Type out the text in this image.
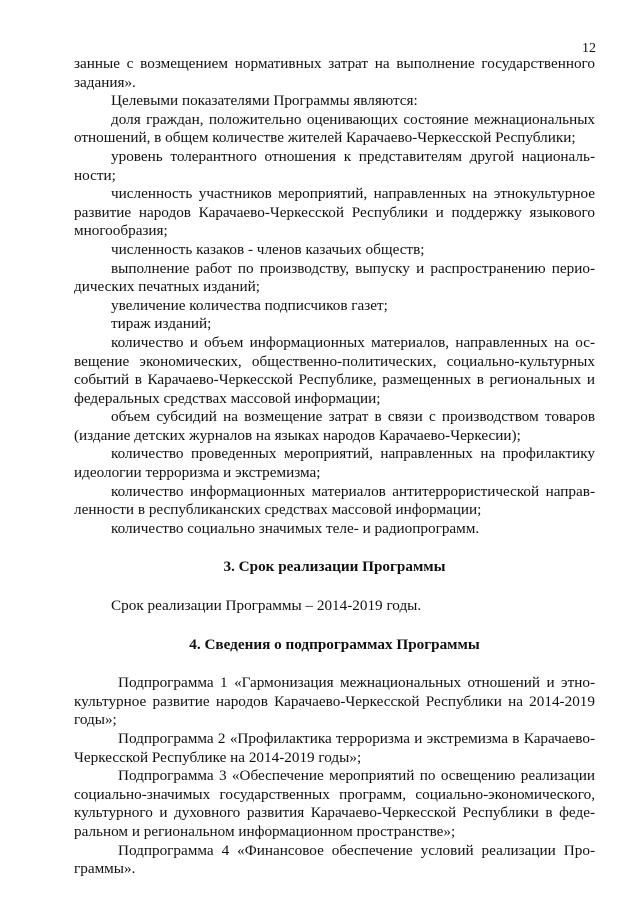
12

занные с возмещением нормативных затрат на выполнение государственного задания».

Целевыми показателями Программы являются:

доля граждан, положительно оценивающих состояние межнациональных отношений, в общем количестве жителей Карачаево-Черкесской Республики;

уровень толерантного отношения к представителям другой национальности;

численность участников мероприятий, направленных на этнокультурное развитие народов Карачаево-Черкесской Республики и поддержку языкового многообразия;

численность казаков - членов казачьих обществ;

выполнение работ по производству, выпуску и распространению периодических печатных изданий;

увеличение количества подписчиков газет;

тираж изданий;

количество и объем информационных материалов, направленных на освещение экономических, общественно-политических, социально-культурных событий в Карачаево-Черкесской Республике, размещенных в региональных и федеральных средствах массовой информации;

объем субсидий на возмещение затрат в связи с производством товаров (издание детских журналов на языках народов Карачаево-Черкесии);

количество проведенных мероприятий, направленных на профилактику идеологии терроризма и экстремизма;

количество информационных материалов антитеррористической направленности в республиканских средствах массовой информации;

количество социально значимых теле- и радиопрограмм.

3. Срок реализации Программы

Срок реализации Программы – 2014-2019 годы.

4. Сведения о подпрограммах Программы

Подпрограмма 1 «Гармонизация межнациональных отношений и этнокультурное развитие народов Карачаево-Черкесской Республики на 2014-2019 годы»;

Подпрограмма 2 «Профилактика терроризма и экстремизма в Карачаево-Черкесской Республике на 2014-2019 годы»;

Подпрограмма 3 «Обеспечение мероприятий по освещению реализации социально-значимых государственных программ, социально-экономического, культурного и духовного развития Карачаево-Черкесской Республики в федеральном и региональном информационном пространстве»;

Подпрограмма 4 «Финансовое обеспечение условий реализации Программы».
